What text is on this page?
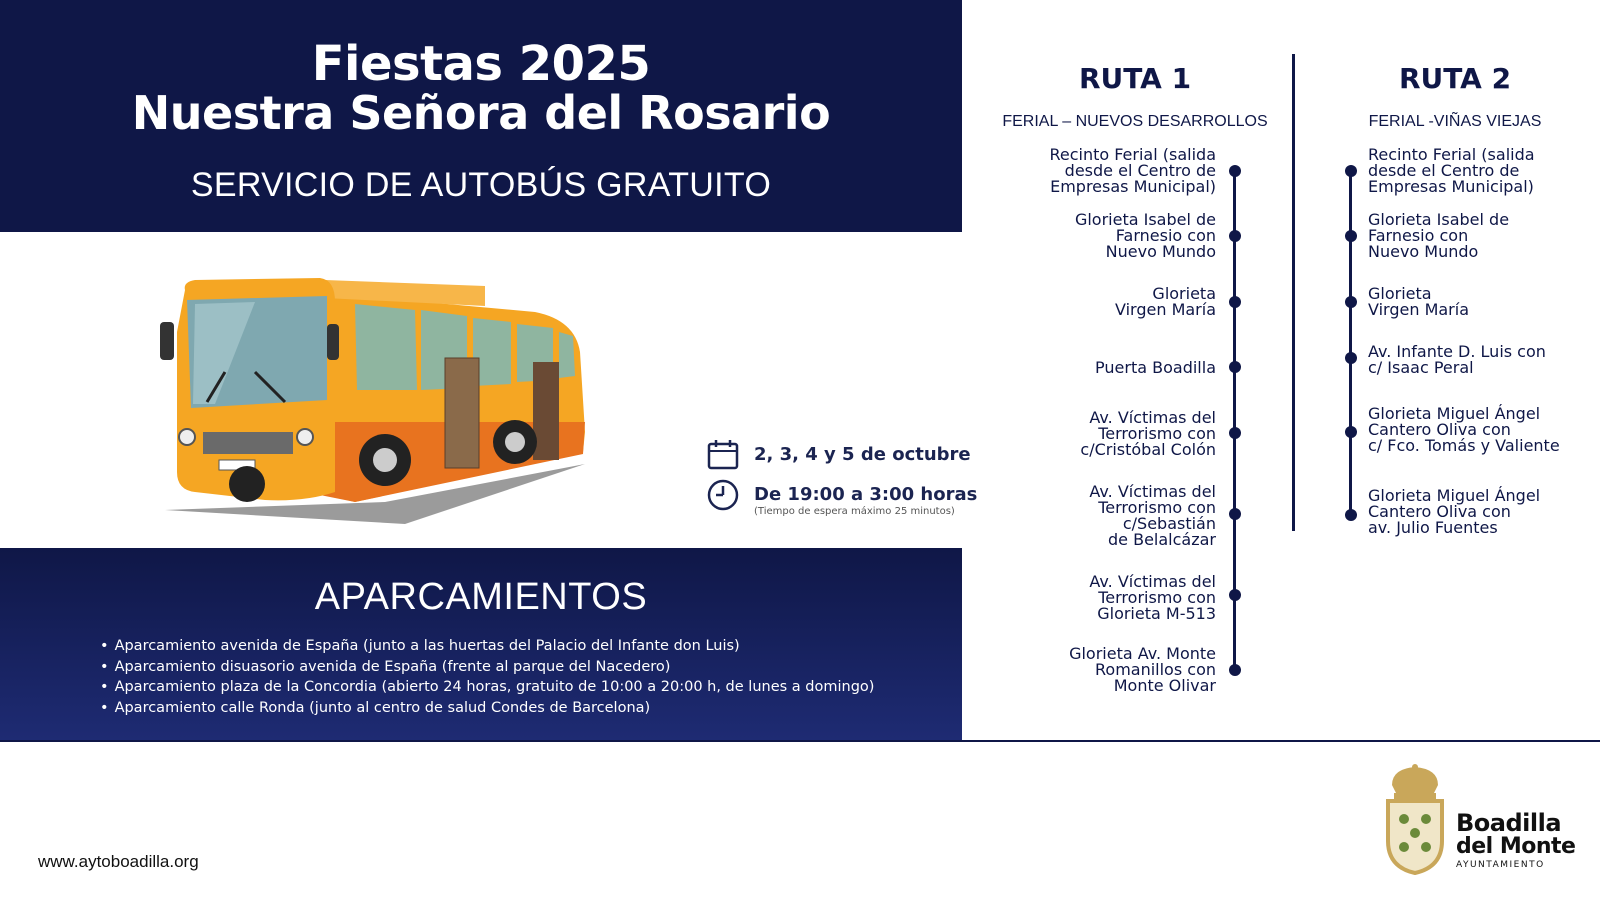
Fiestas 2025
Nuestra Señora del Rosario
SERVICIO DE AUTOBÚS GRATUITO
2, 3, 4 y 5 de octubre
De 19:00 a 3:00 horas
(Tiempo de espera máximo 25 minutos)
APARCAMIENTOS
• Aparcamiento avenida de España (junto a las huertas del Palacio del Infante don Luis)
• Aparcamiento disuasorio avenida de España (frente al parque del Nacedero)
• Aparcamiento plaza de la Concordia (abierto 24 horas, gratuito de 10:00 a 20:00 h, de lunes a domingo)
• Aparcamiento calle Ronda (junto al centro de salud Condes de Barcelona)
RUTA 1
FERIAL – NUEVOS DESARROLLOS
RUTA 2
FERIAL -VIÑAS VIEJAS
Recinto Ferial (salida
desde el Centro de
Empresas Municipal)
Glorieta Isabel de
Farnesio con
Nuevo Mundo
Glorieta
Virgen María
Puerta Boadilla
Av. Víctimas del
Terrorismo con
c/Cristóbal Colón
Av. Víctimas del
Terrorismo con
c/Sebastián
de Belalcázar
Av. Víctimas del
Terrorismo con
Glorieta M-513
Glorieta Av. Monte
Romanillos con
Monte Olivar
Recinto Ferial (salida
desde el Centro de
Empresas Municipal)
Glorieta Isabel de
Farnesio con
Nuevo Mundo
Glorieta
Virgen María
Av. Infante D. Luis con
c/ Isaac Peral
Glorieta Miguel Ángel
Cantero Oliva con
c/ Fco. Tomás y Valiente
Glorieta Miguel Ángel
Cantero Oliva con
av. Julio Fuentes
www.aytoboadilla.org
Boadilla
del Monte
AYUNTAMIENTO
